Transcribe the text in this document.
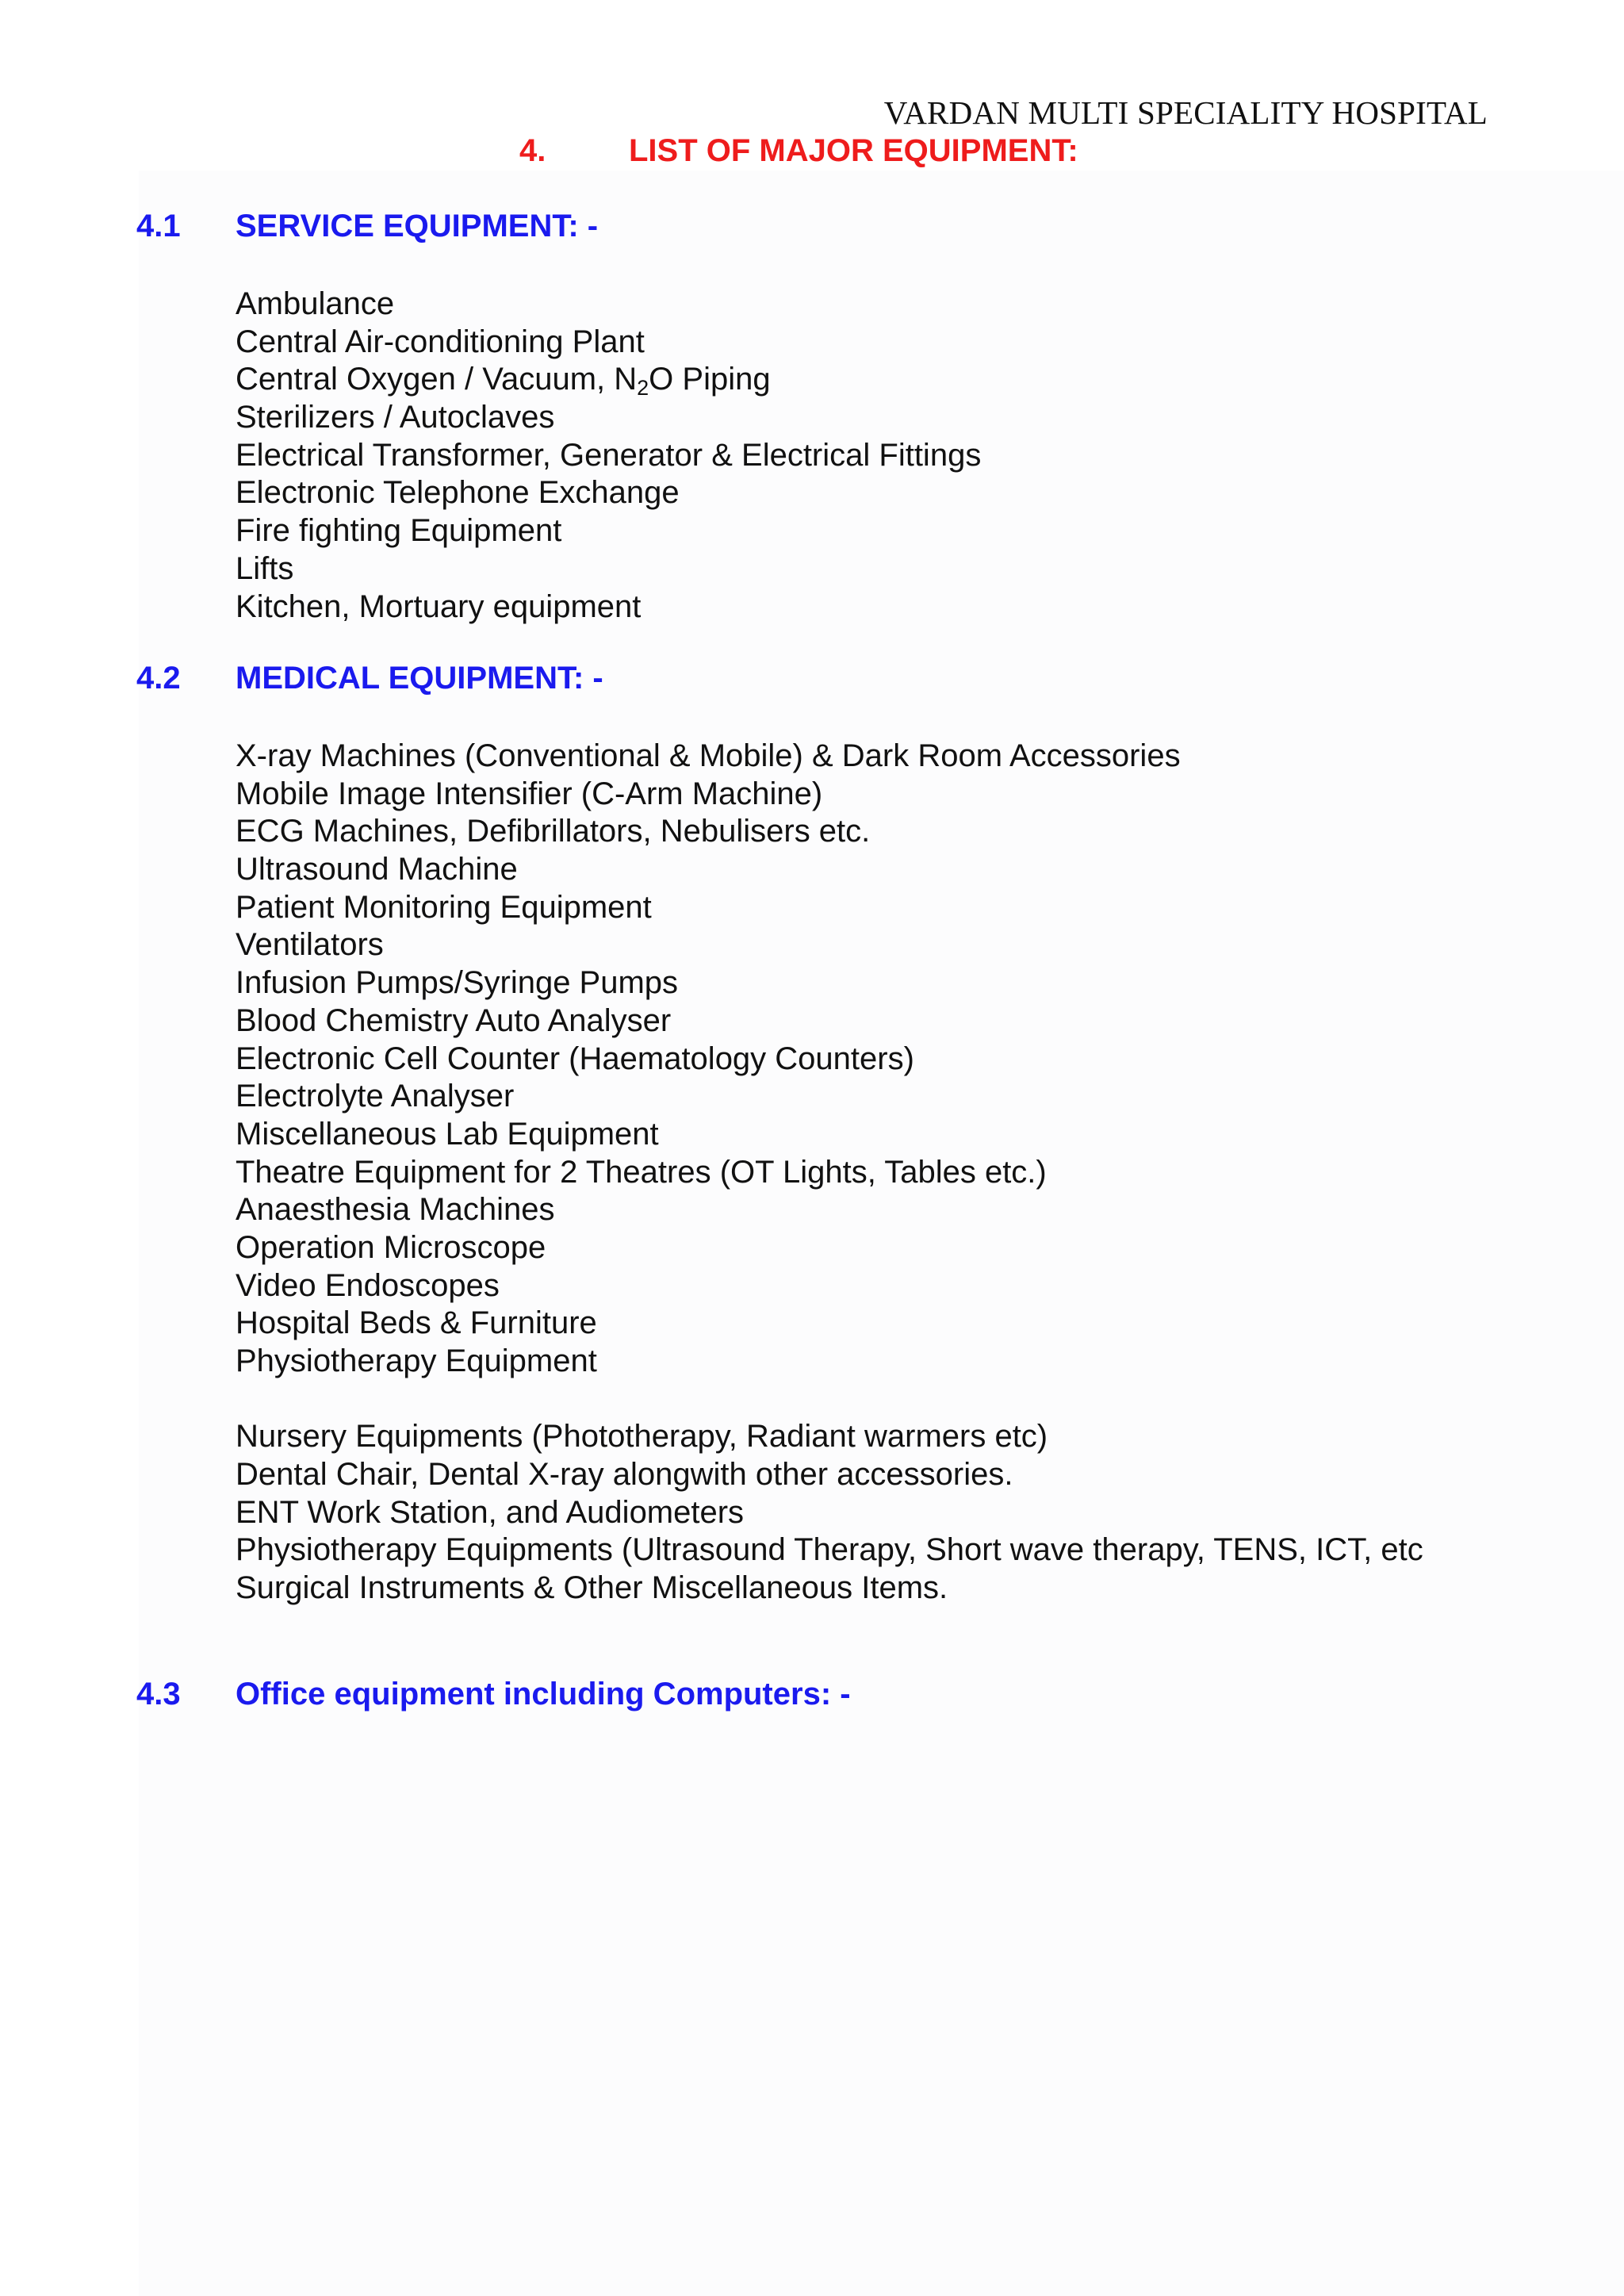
VARDAN MULTI SPECIALITY HOSPITAL
4.	LIST OF MAJOR EQUIPMENT:
4.1 SERVICE EQUIPMENT: -
Ambulance
Central Air-conditioning Plant
Central Oxygen / Vacuum, $N_2O$ Piping
Sterilizers / Autoclaves
Electrical Transformer, Generator & Electrical Fittings
Electronic Telephone Exchange
Fire fighting Equipment
Lifts
Kitchen, Mortuary equipment
4.2 MEDICAL EQUIPMENT: -
X-ray Machines (Conventional & Mobile) & Dark Room Accessories
Mobile Image Intensifier (C-Arm Machine)
ECG Machines, Defibrillators, Nebulisers etc.
Ultrasound Machine
Patient Monitoring Equipment
Ventilators
Infusion Pumps/Syringe Pumps
Blood Chemistry Auto Analyser
Electronic Cell Counter (Haematology Counters)
Electrolyte Analyser
Miscellaneous Lab Equipment
Theatre Equipment for 2 Theatres (OT Lights, Tables etc.)
Anaesthesia Machines
Operation Microscope
Video Endoscopes
Hospital Beds & Furniture
Physiotherapy Equipment
Nursery Equipments (Phototherapy, Radiant warmers etc)
Dental Chair, Dental X-ray alongwith other accessories.
ENT Work Station, and Audiometers
Physiotherapy Equipments (Ultrasound Therapy, Short wave therapy, TENS, ICT, etc
Surgical Instruments & Other Miscellaneous Items.
4.3 Office equipment including Computers: -
